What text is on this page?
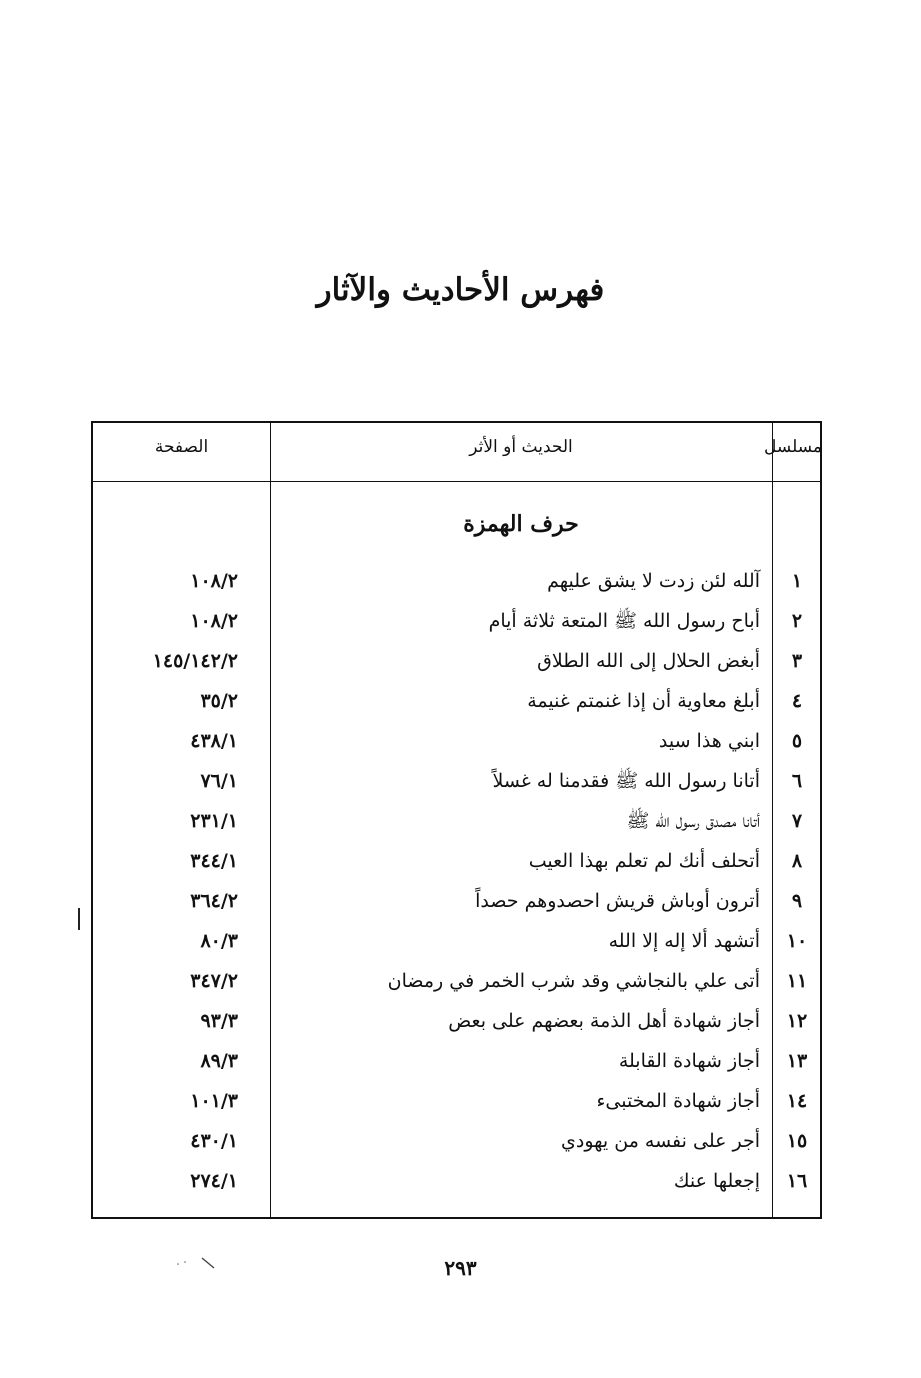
فهرس الأحاديث والآثار
مسلسل
الحديث أو الأثر
الصفحة
حرف الهمزة
١
آلله لئن زدت لا يشق عليهم
١٠٨/٢
٢
أباح رسول الله ﷺ المتعة ثلاثة أيام
١٠٨/٢
٣
أبغض الحلال إلى الله الطلاق
١٤٥/١٤٢/٢
٤
أبلغ معاوية أن إذا غنمتم غنيمة
٣٥/٢
٥
ابني هذا سيد
٤٣٨/١
٦
أتانا رسول الله ﷺ فقدمنا له غسلاً
٧٦/١
٧
أتانا مصدق رسول الله ﷺ
٢٣١/١
٨
أتحلف أنك لم تعلم بهذا العيب
٣٤٤/١
٩
أترون أوباش قريش احصدوهم حصداً
٣٦٤/٢
١٠
أتشهد ألا إله إلا الله
٨٠/٣
١١
أتى علي بالنجاشي وقد شرب الخمر في رمضان
٣٤٧/٢
١٢
أجاز شهادة أهل الذمة بعضهم على بعض
٩٣/٣
١٣
أجاز شهادة القابلة
٨٩/٣
١٤
أجاز شهادة المختبىء
١٠١/٣
١٥
أجر على نفسه من يهودي
٤٣٠/١
١٦
إجعلها عنك
٢٧٤/١
٢٩٣
